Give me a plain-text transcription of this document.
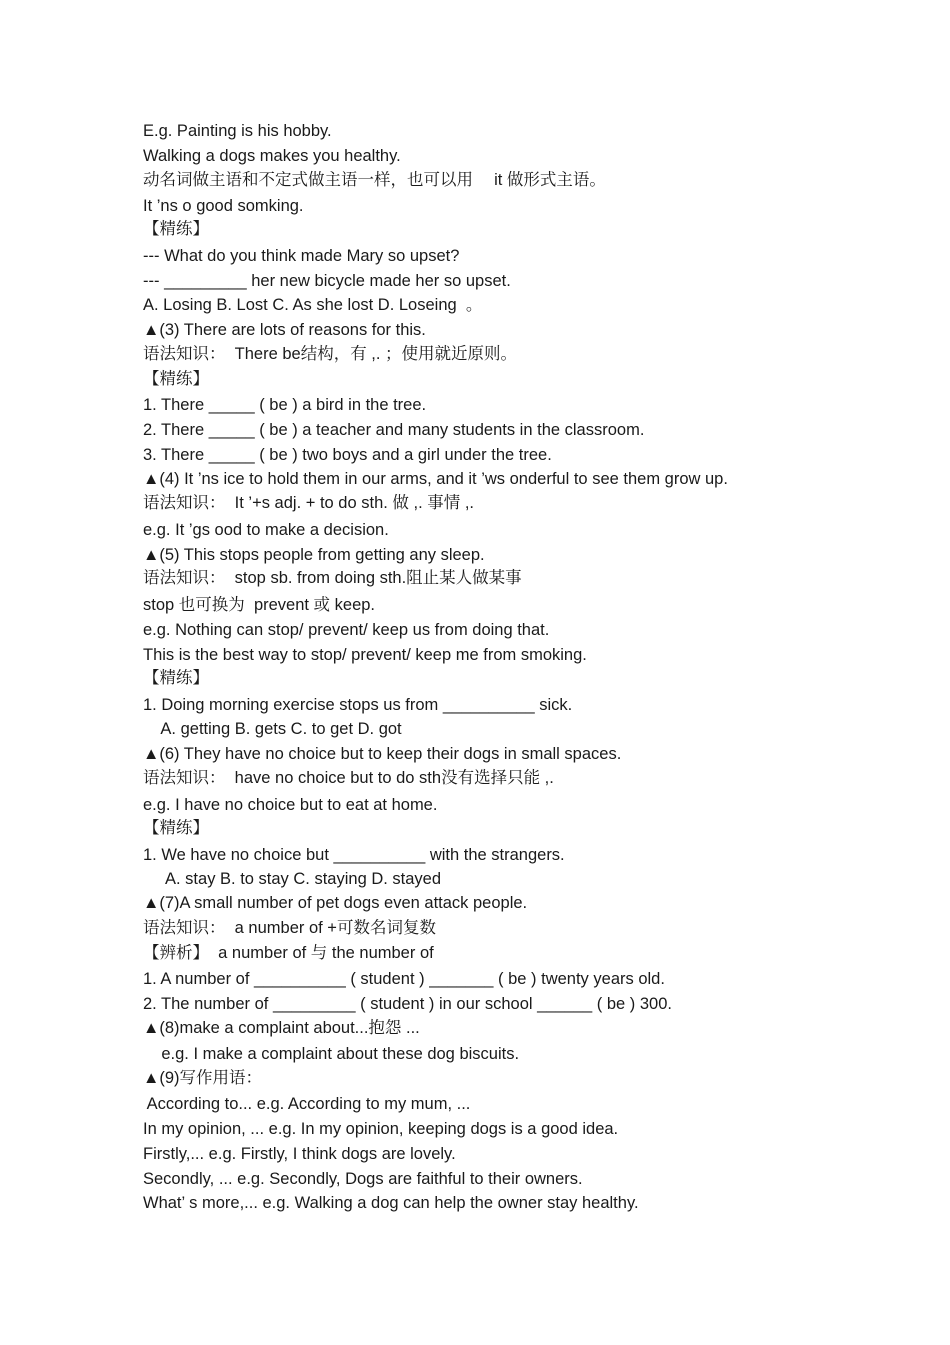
E.g. Painting is his hobby.
Walking a dogs makes you healthy.
动名词做主语和不定式做主语一样，也可以用　 it 做形式主语。
It ’ns o good somking.
【精练】
--- What do you think made Mary so upset?
--- _________ her new bicycle made her so upset.
A. Losing B. Lost C. As she lost D. Loseing  。
▲(3) There are lots of reasons for this.
语法知识：  There be结构，有 ,. ；使用就近原则。
【精练】
1. There _____ ( be ) a bird in the tree.
2. There _____ ( be ) a teacher and many students in the classroom.
3. There _____ ( be ) two boys and a girl under the tree.
▲(4) It ’ns ice to hold them in our arms, and it ’ws onderful to see them grow up.
语法知识：  It ’+s adj. + to do sth. 做 ,. 事情 ,.
e.g. It ’gs ood to make a decision.
▲(5) This stops people from getting any sleep.
语法知识：  stop sb. from doing sth.阻止某人做某事
stop 也可换为  prevent 或 keep.
e.g. Nothing can stop/ prevent/ keep us from doing that.
This is the best way to stop/ prevent/ keep me from smoking.
【精练】
1. Doing morning exercise stops us from __________ sick.
A. getting B. gets C. to get D. got
▲(6) They have no choice but to keep their dogs in small spaces.
语法知识：  have no choice but to do sth没有选择只能 ,.
e.g. I have no choice but to eat at home.
【精练】
1. We have no choice but __________ with the strangers.
A. stay B. to stay C. staying D. stayed
▲(7)A small number of pet dogs even attack people.
语法知识：  a number of +可数名词复数
【辨析】  a number of 与 the number of
1. A number of __________ ( student ) _______ ( be ) twenty years old.
2. The number of _________ ( student ) in our school ______ ( be ) 300.
▲(8)make a complaint about...抱怨 ...
e.g. I make a complaint about these dog biscuits.
▲(9)写作用语：
According to... e.g. According to my mum, ...
In my opinion, ... e.g. In my opinion, keeping dogs is a good idea.
Firstly,... e.g. Firstly, I think dogs are lovely.
Secondly, ... e.g. Secondly, Dogs are faithful to their owners.
What’ s more,... e.g. Walking a dog can help the owner stay healthy.
